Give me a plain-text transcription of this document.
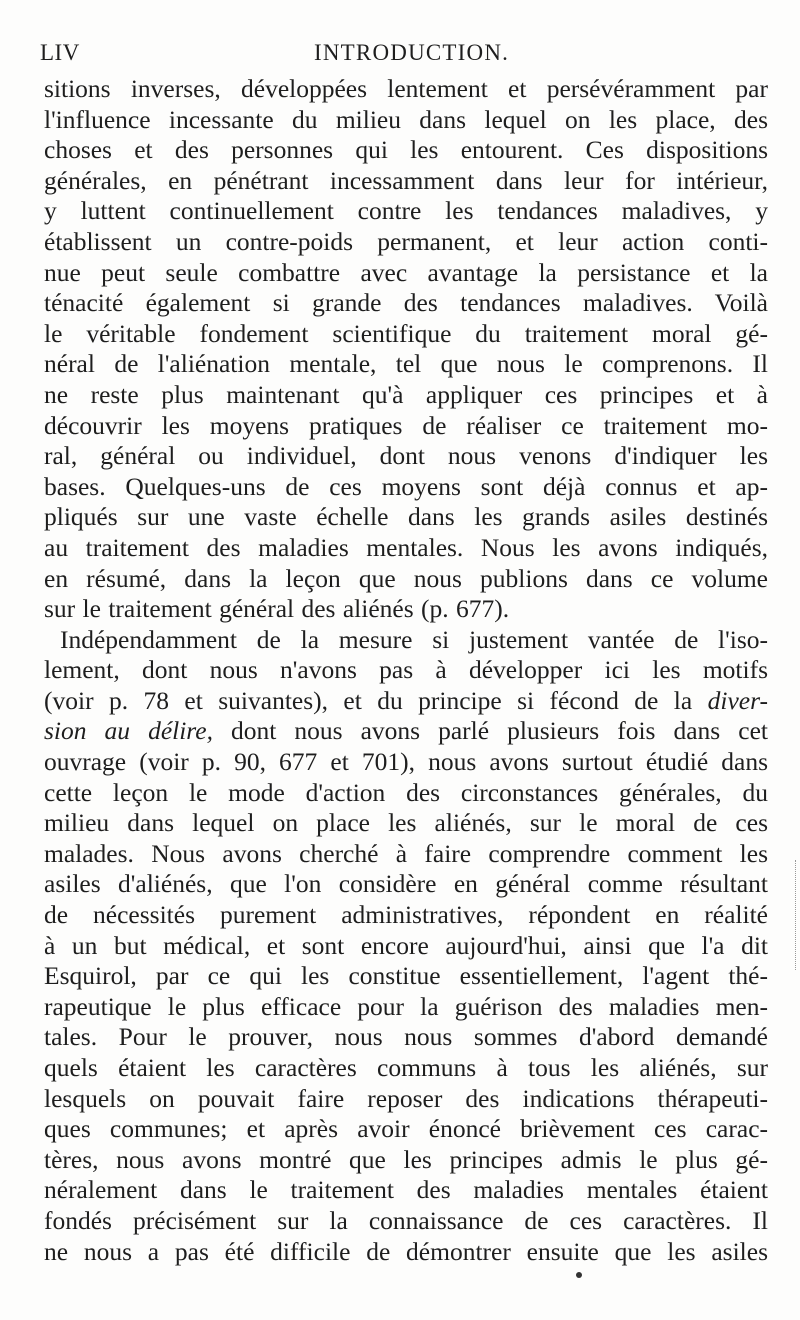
LIV	INTRODUCTION.
sitions inverses, développées lentement et persévéramment par
l'influence incessante du milieu dans lequel on les place, des
choses et des personnes qui les entourent. Ces dispositions
générales, en pénétrant incessamment dans leur for intérieur,
y luttent continuellement contre les tendances maladives, y
établissent un contre-poids permanent, et leur action conti-
nue peut seule combattre avec avantage la persistance et la
ténacité également si grande des tendances maladives. Voilà
le véritable fondement scientifique du traitement moral gé-
néral de l'aliénation mentale, tel que nous le comprenons. Il
ne reste plus maintenant qu'à appliquer ces principes et à
découvrir les moyens pratiques de réaliser ce traitement mo-
ral, général ou individuel, dont nous venons d'indiquer les
bases. Quelques-uns de ces moyens sont déjà connus et ap-
pliqués sur une vaste échelle dans les grands asiles destinés
au traitement des maladies mentales. Nous les avons indiqués,
en résumé, dans la leçon que nous publions dans ce volume
sur le traitement général des aliénés (p. 677).
Indépendamment de la mesure si justement vantée de l'iso-
lement, dont nous n'avons pas à développer ici les motifs
(voir p. 78 et suivantes), et du principe si fécond de la diver-
sion au délire, dont nous avons parlé plusieurs fois dans cet
ouvrage (voir p. 90, 677 et 701), nous avons surtout étudié dans
cette leçon le mode d'action des circonstances générales, du
milieu dans lequel on place les aliénés, sur le moral de ces
malades. Nous avons cherché à faire comprendre comment les
asiles d'aliénés, que l'on considère en général comme résultant
de nécessités purement administratives, répondent en réalité
à un but médical, et sont encore aujourd'hui, ainsi que l'a dit
Esquirol, par ce qui les constitue essentiellement, l'agent thé-
rapeutique le plus efficace pour la guérison des maladies men-
tales. Pour le prouver, nous nous sommes d'abord demandé
quels étaient les caractères communs à tous les aliénés, sur
lesquels on pouvait faire reposer des indications thérapeuti-
ques communes; et après avoir énoncé brièvement ces carac-
tères, nous avons montré que les principes admis le plus gé-
néralement dans le traitement des maladies mentales étaient
fondés précisément sur la connaissance de ces caractères. Il
ne nous a pas été difficile de démontrer ensuite que les asiles
